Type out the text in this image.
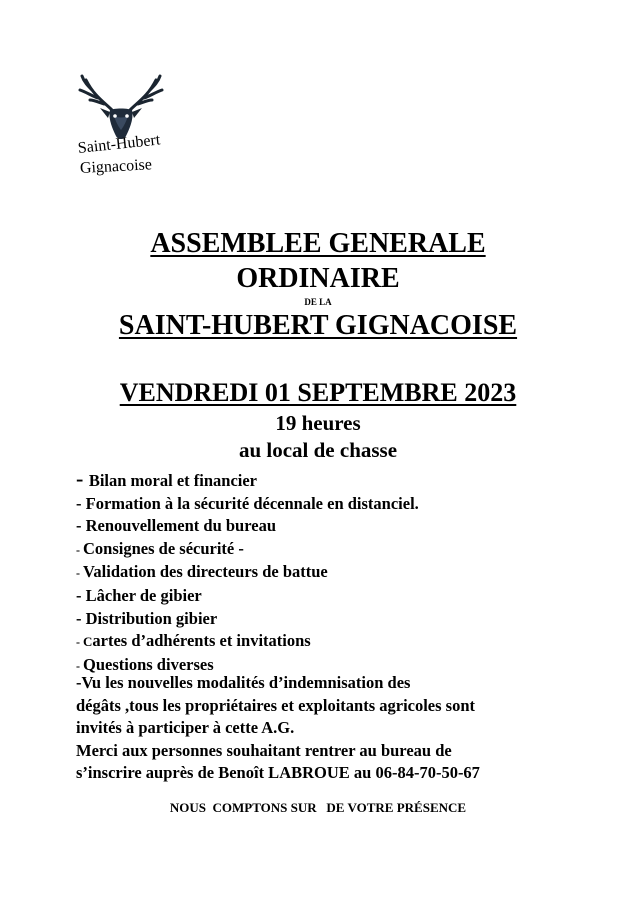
Saint-Hubert
Gignacoise
ASSEMBLEE GENERALE
ORDINAIRE
DE LA
SAINT-HUBERT GIGNACOISE
VENDREDI 01 SEPTEMBRE 2023
19 heures
au local de chasse
- Bilan moral et financier
- Formation à la sécurité décennale en distanciel.
- Renouvellement du bureau
- Consignes de sécurité -
- Validation des directeurs de battue
- Lâcher de gibier
- Distribution gibier
- Cartes d’adhérents et invitations
- Questions diverses
-Vu les nouvelles modalités d’indemnisation des
dégâts ,tous les propriétaires et exploitants agricoles sont
invités à participer à cette A.G.
Merci aux personnes souhaitant rentrer au bureau de
s’inscrire auprès de Benoît LABROUE au 06-84-70-50-67
NOUS  COMPTONS SUR   DE VOTRE PRÉSENCE
